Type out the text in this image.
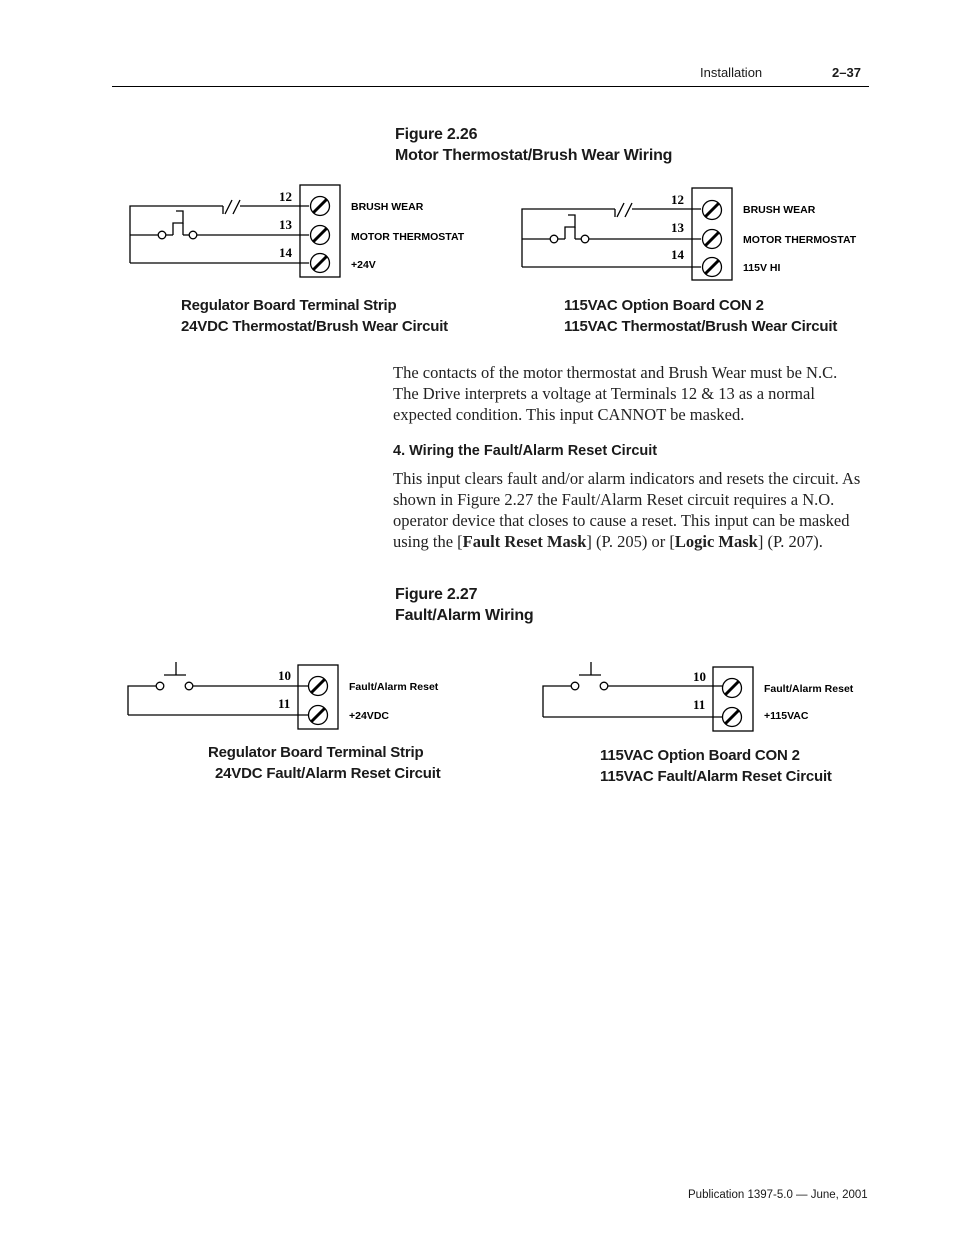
Installation	2–37
Figure 2.26
Motor Thermostat/Brush Wear Wiring
12
13
14
BRUSH WEAR
MOTOR THERMOSTAT
+24V
12
13
14
BRUSH WEAR
MOTOR THERMOSTAT
115V HI
Regulator Board Terminal Strip
24VDC Thermostat/Brush Wear Circuit
115VAC Option Board CON 2
115VAC Thermostat/Brush Wear Circuit
The contacts of the motor thermostat and Brush Wear must be N.C. The Drive interprets a voltage at Terminals 12 & 13 as a normal expected condition. This input CANNOT be masked.
4. Wiring the Fault/Alarm Reset Circuit
This input clears fault and/or alarm indicators and resets the circuit. As shown in Figure 2.27 the Fault/Alarm Reset circuit requires a N.O. operator device that closes to cause a reset. This input can be masked using the [Fault Reset Mask] (P. 205) or [Logic Mask] (P. 207).
Figure 2.27
Fault/Alarm Wiring
10
11
Fault/Alarm Reset
+24VDC
10
11
Fault/Alarm Reset
+115VAC
Regulator Board Terminal Strip
24VDC Fault/Alarm Reset Circuit
115VAC Option Board CON 2
115VAC Fault/Alarm Reset Circuit
Publication 1397-5.0 — June, 2001
